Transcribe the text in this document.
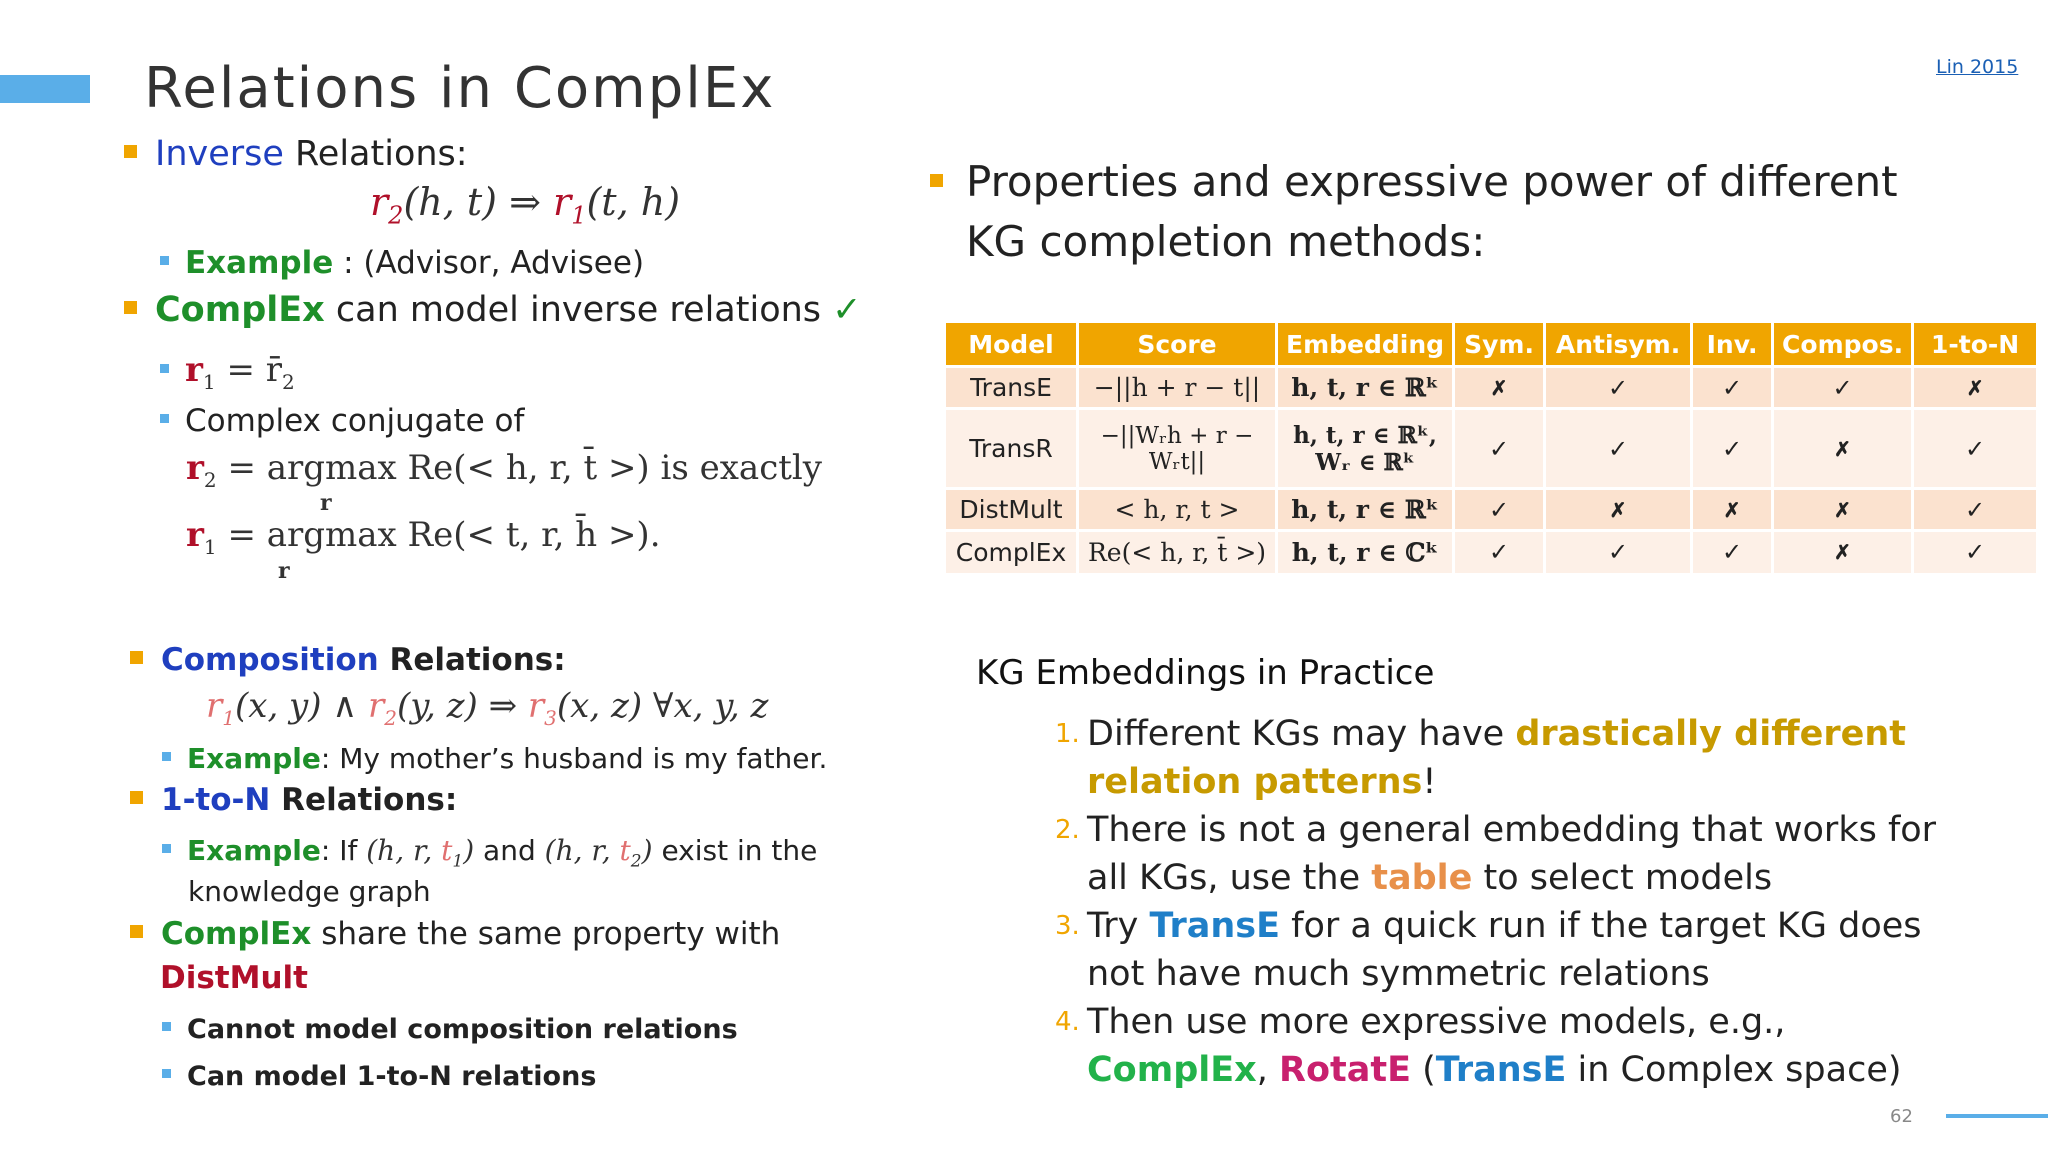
Relations in ComplEx	Lin 2015
Inverse Relations:
$r_2(h$, t) ⇒ $r_1(t$, h)
Example : (Advisor, Advisee)
ComplEx can model inverse relations ✓
$r_1$ = $r̄_2$
Complex conjugate of
$r_2 = argmax$ Re(< h, r, t̄ >) is exactly
r
$r_1 = argmax$ Re(< t, r, h̄ >).
r
Composition Relations:
$r_1(x$, y) ∧ $r_2(y$, z) ⇒ $r_3(x$, z) ∀x, y, z
Example: My mother’s husband is my father.
1-to-N Relations:
Example: If (h, r, $t_1$) and (h, r, $t_2$) exist in the
knowledge graph
ComplEx share the same property with
DistMult
Cannot model composition relations
Can model 1-to-N relations
Properties and expressive power of different KG completion methods:
Model	Score	Embedding	Sym.	Antisym.	Inv.	Compos.	1-to-N
TransE	−||h + r − t||	h, t, r ∈ ℝᵏ	✗	✓	✓	✓	✗
TransR	−||Wᵣh + r − Wᵣt||	h, t, r ∈ ℝᵏ, Wᵣ ∈ ℝᵏ	✓	✓	✓	✗	✓
DistMult	< h, r, t >	h, t, r ∈ ℝᵏ	✓	✗	✗	✗	✓
ComplEx	Re(< h, r, t̄ >)	h, t, r ∈ ℂᵏ	✓	✓	✓	✗	✓
KG Embeddings in Practice
1. Different KGs may have drastically different relation patterns!
2. There is not a general embedding that works for all KGs, use the table to select models
3. Try TransE for a quick run if the target KG does not have much symmetric relations
4. Then use more expressive models, e.g., ComplEx, RotatE (TransE in Complex space)
62
